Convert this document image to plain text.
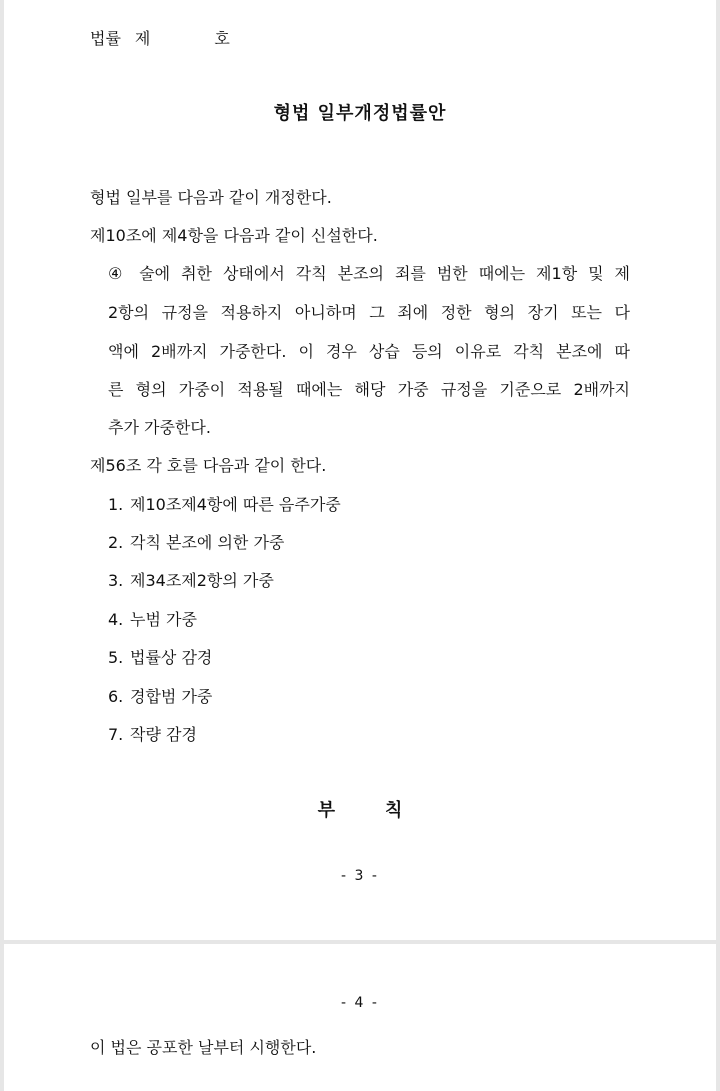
법률 제	호
형법 일부개정법률안
형법 일부를 다음과 같이 개정한다.
제10조에 제4항을 다음과 같이 신설한다.
④ 술에 취한 상태에서 각칙 본조의 죄를 범한 때에는 제1항 및 제
2항의 규정을 적용하지 아니하며 그 죄에 정한 형의 장기 또는 다
액에 2배까지 가중한다. 이 경우 상습 등의 이유로 각칙 본조에 따
른 형의 가중이 적용될 때에는 해당 가중 규정을 기준으로 2배까지
추가 가중한다.
제56조 각 호를 다음과 같이 한다.
1. 제10조제4항에 따른 음주가중
2. 각칙 본조에 의한 가중
3. 제34조제2항의 가중
4. 누범 가중
5. 법률상 감경
6. 경합범 가중
7. 작량 감경
부	칙
- 3 -
- 4 -
이 법은 공포한 날부터 시행한다.
